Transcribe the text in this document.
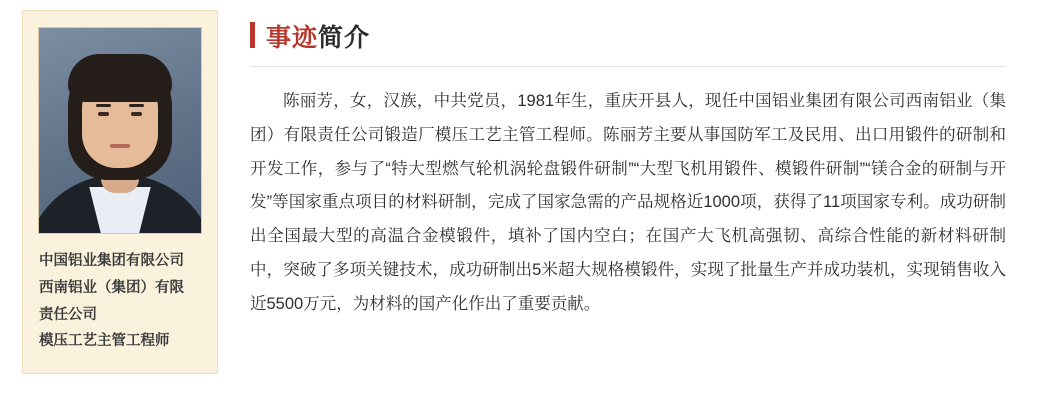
中国铝业集团有限公司
西南铝业（集团）有限
责任公司
模压工艺主管工程师
事迹简介

陈丽芳，女，汉族，中共党员，1981年生，重庆开县人，现任中国铝业集团有限公司西南铝业（集团）有限责任公司锻造厂模压工艺主管工程师。陈丽芳主要从事国防军工及民用、出口用锻件的研制和开发工作，参与了“特大型燃气轮机涡轮盘锻件研制”“大型飞机用锻件、模锻件研制”“镁合金的研制与开发”等国家重点项目的材料研制，完成了国家急需的产品规格近1000项，获得了11项国家专利。成功研制出全国最大型的高温合金模锻件，填补了国内空白；在国产大飞机高强韧、高综合性能的新材料研制中，突破了多项关键技术，成功研制出5米超大规格模锻件，实现了批量生产并成功装机，实现销售收入近5500万元，为材料的国产化作出了重要贡献。
